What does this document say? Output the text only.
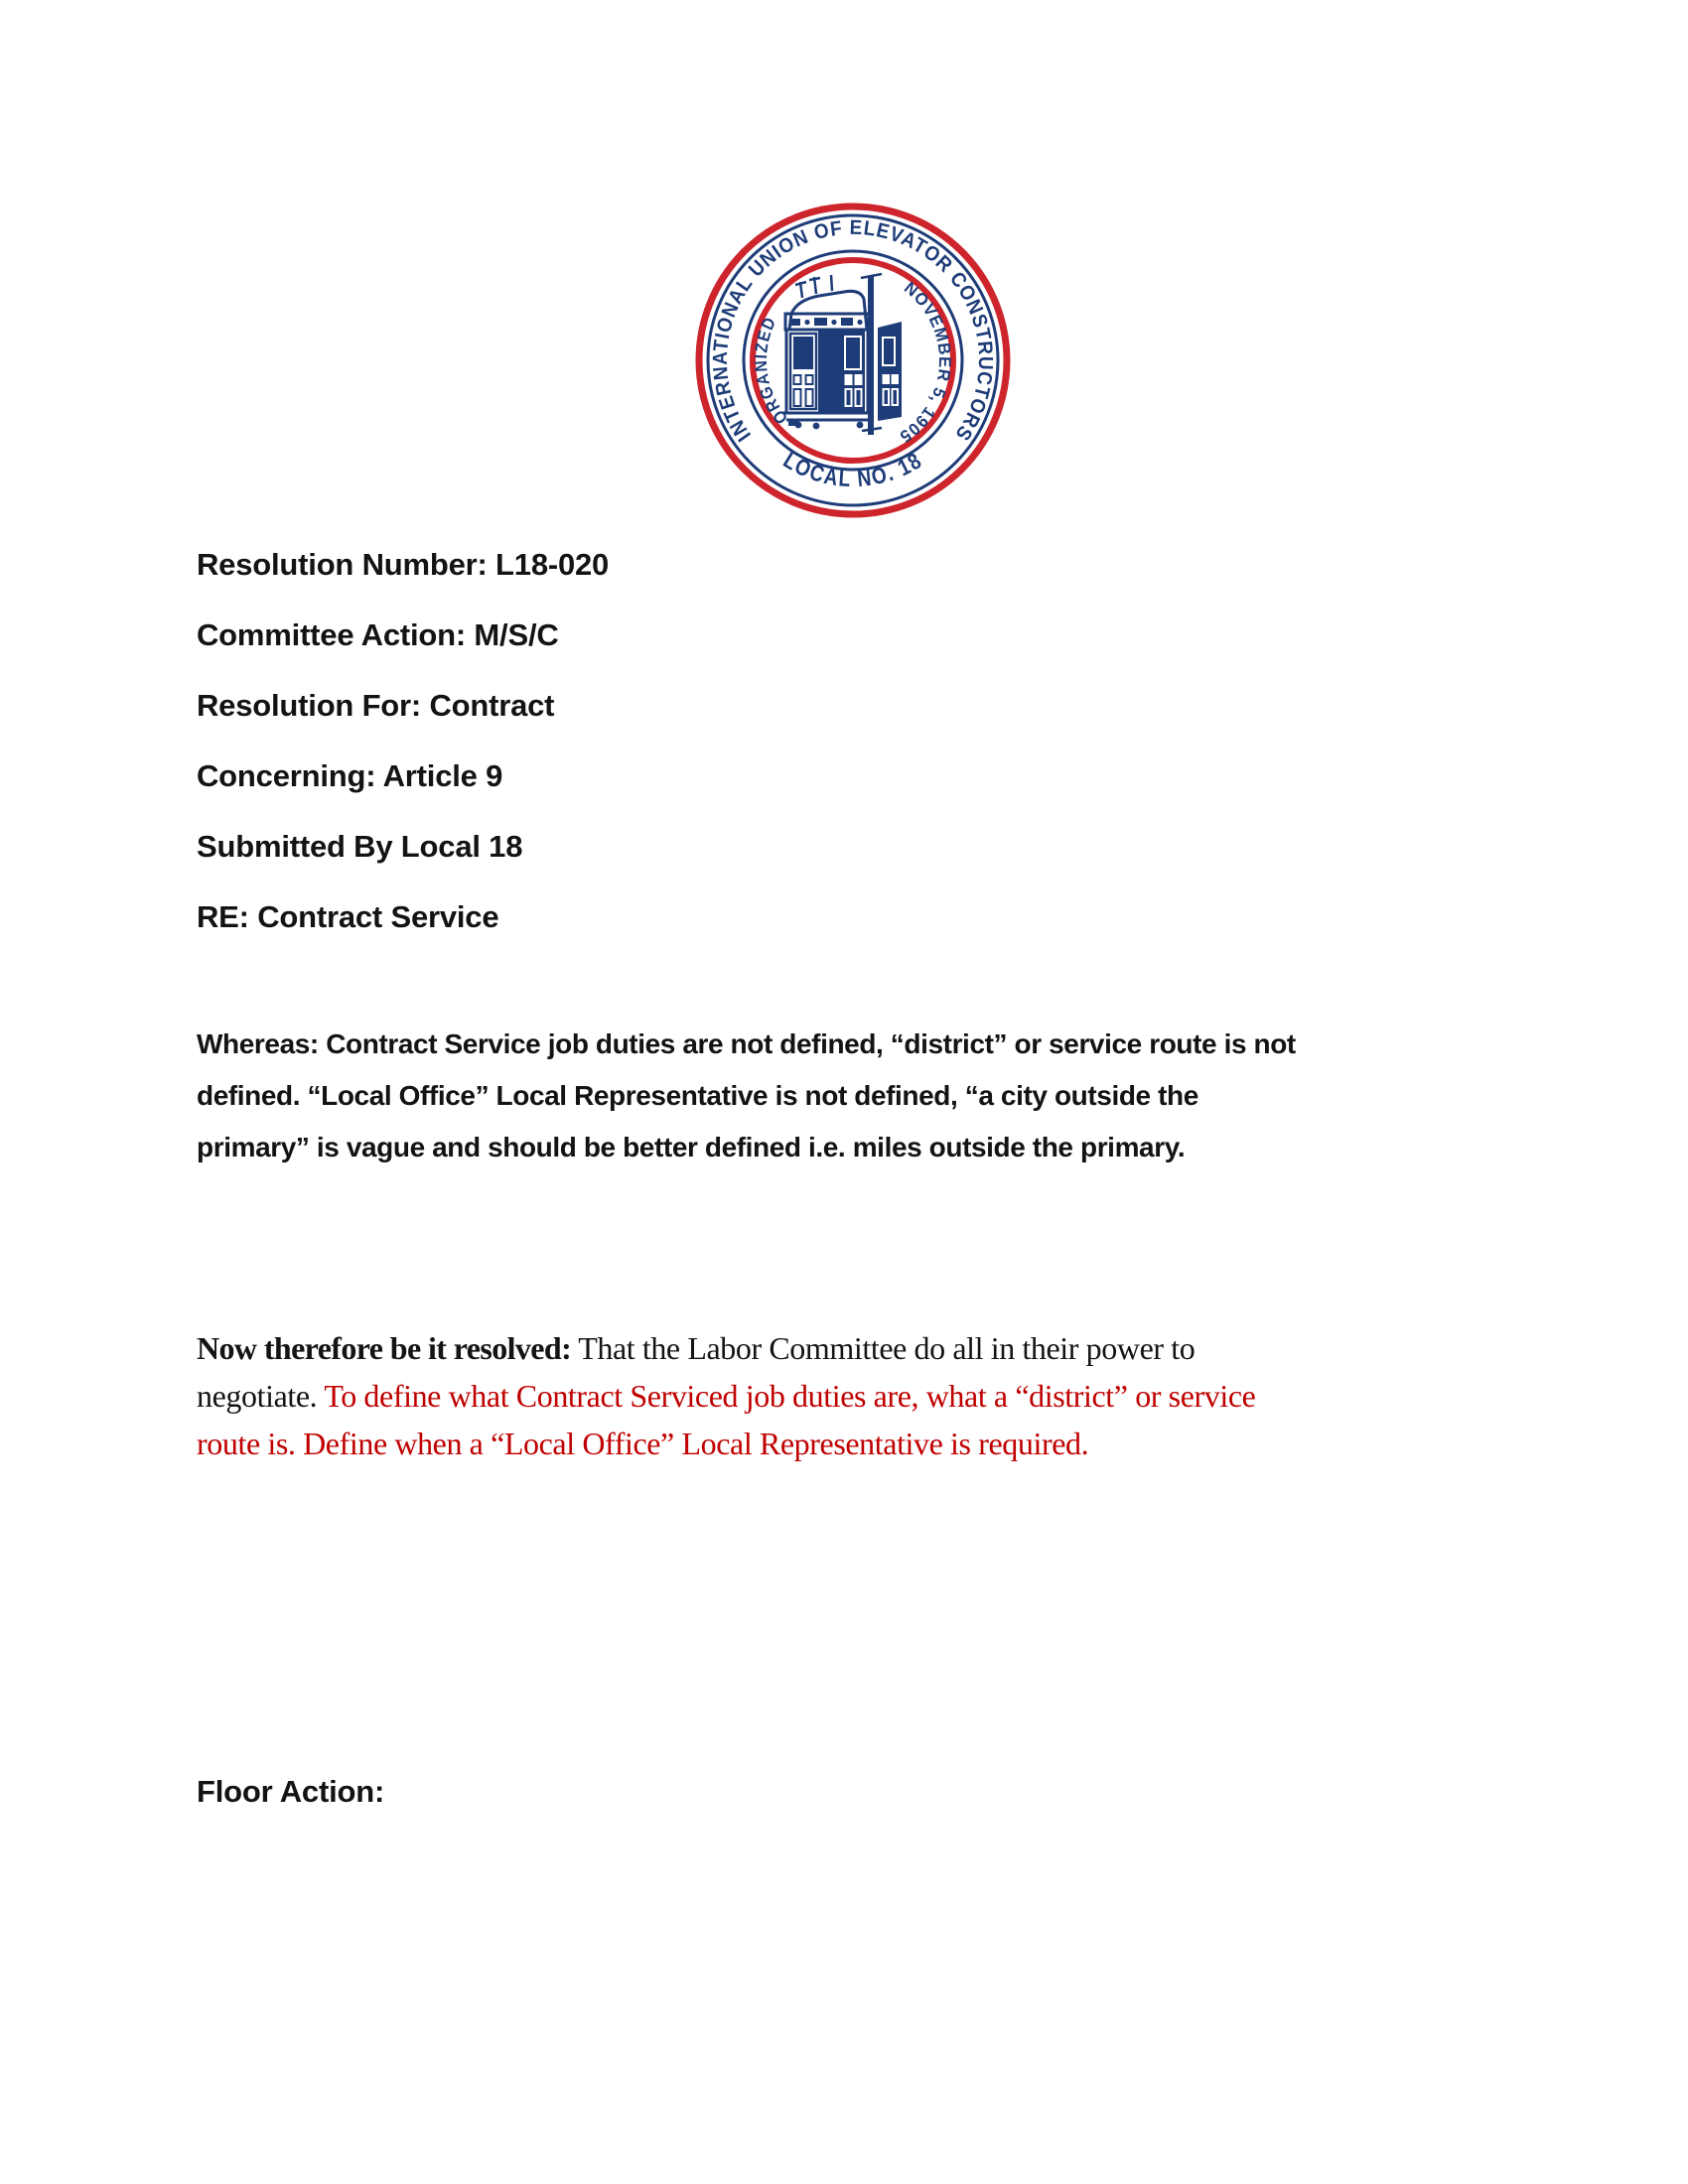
INTERNATIONAL UNION OF ELEVATOR CONSTRUCTORS
LOCAL NO. 18
ORGANIZED
NOVEMBER 5, 1905

Resolution Number: L18-020

Committee Action: M/S/C

Resolution For: Contract

Concerning: Article 9

Submitted By Local 18

RE: Contract Service

Whereas: Contract Service job duties are not defined, “district” or service route is not
defined. “Local Office” Local Representative is not defined, “a city outside the
primary” is vague and should be better defined i.e. miles outside the primary.
Now therefore be it resolved: That the Labor Committee do all in their power to
negotiate. To define what Contract Serviced job duties are, what a “district” or service
route is. Define when a “Local Office” Local Representative is required.

Floor Action:
